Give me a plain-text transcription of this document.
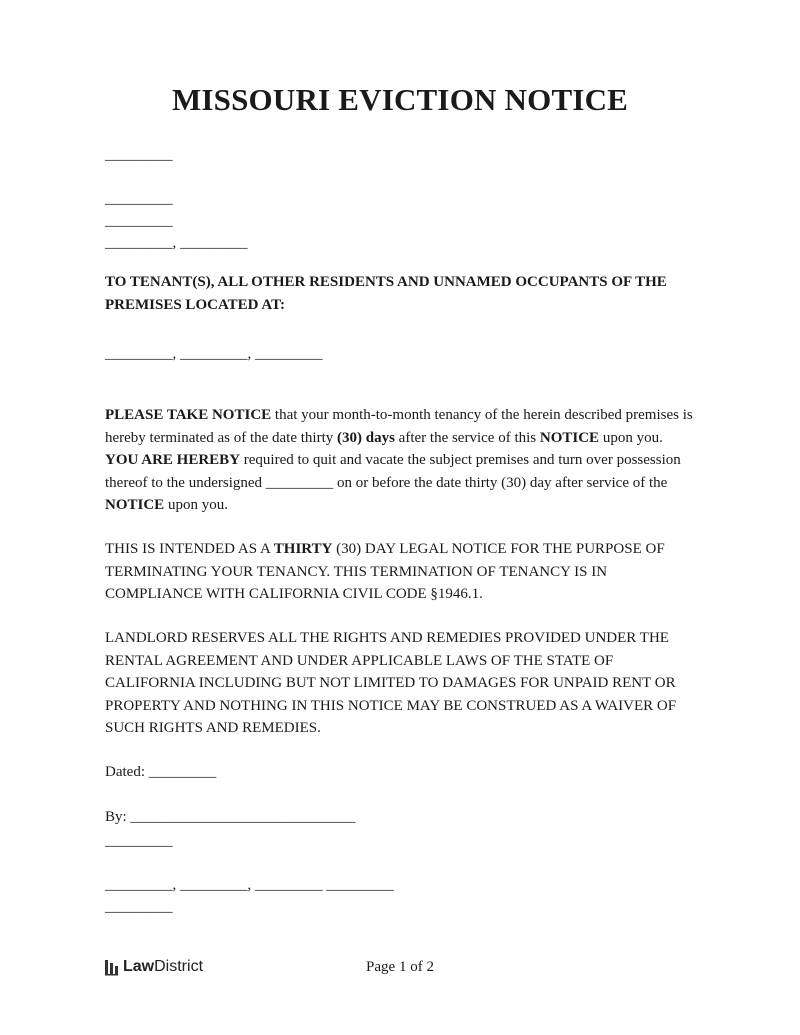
MISSOURI EVICTION NOTICE
_________
_________
_________
_________, _________

TO TENANT(S), ALL OTHER RESIDENTS AND UNNAMED OCCUPANTS OF THE PREMISES LOCATED AT:

_________, _________, _________

PLEASE TAKE NOTICE that your month-to-month tenancy of the herein described premises is hereby terminated as of the date thirty (30) days after the service of this NOTICE upon you. YOU ARE HEREBY required to quit and vacate the subject premises and turn over possession thereof to the undersigned _________ on or before the date thirty (30) day after service of the NOTICE upon you.

THIS IS INTENDED AS A THIRTY (30) DAY LEGAL NOTICE FOR THE PURPOSE OF TERMINATING YOUR TENANCY. THIS TERMINATION OF TENANCY IS IN COMPLIANCE WITH CALIFORNIA CIVIL CODE §1946.1.

LANDLORD RESERVES ALL THE RIGHTS AND REMEDIES PROVIDED UNDER THE RENTAL AGREEMENT AND UNDER APPLICABLE LAWS OF THE STATE OF CALIFORNIA INCLUDING BUT NOT LIMITED TO DAMAGES FOR UNPAID RENT OR PROPERTY AND NOTHING IN THIS NOTICE MAY BE CONSTRUED AS A WAIVER OF SUCH RIGHTS AND REMEDIES.

Dated: _________
By: ______________________________
_________
_________, _________, _________ _________
_________
Law District	Page 1 of 2
